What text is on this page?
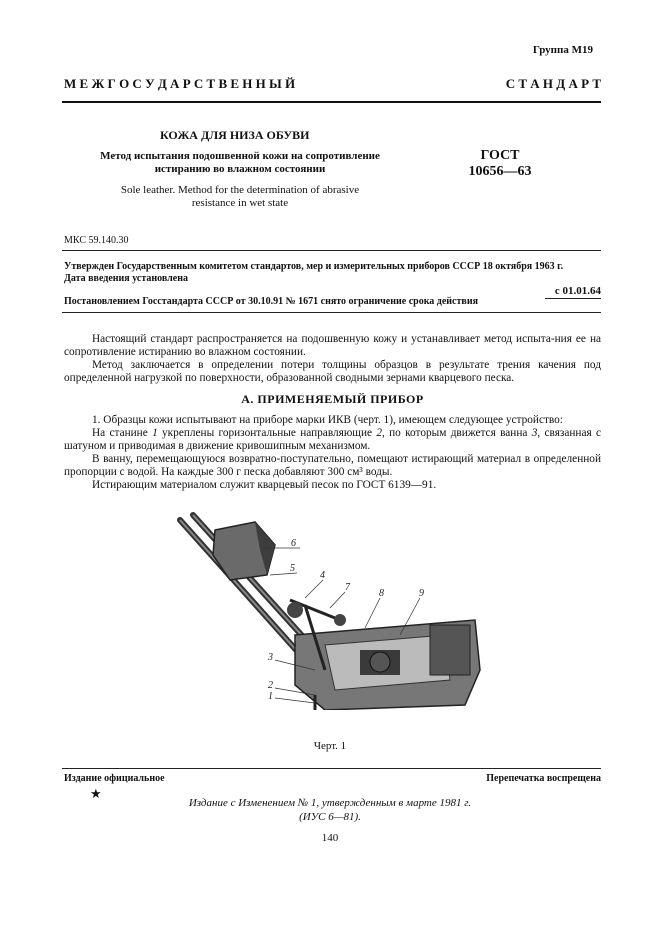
Группа М19
М Е Ж Г О С У Д А Р С Т В Е Н Н Ы Й	С Т А Н Д А Р Т
КОЖА ДЛЯ НИЗА ОБУВИ
Метод испытания подошвенной кожи на сопротивление
истиранию во влажном состоянии
Sole leather. Method for the determination of abrasive
resistance in wet state
ГОСТ
10656—63
МКС 59.140.30
Утвержден Государственным комитетом стандартов, мер и измерительных приборов СССР 18 октября 1963 г.
Дата введения установлена
с 01.01.64
Постановлением Госстандарта СССР от 30.10.91 № 1671 снято ограничение срока действия
Настоящий стандарт распространяется на подошвенную кожу и устанавливает метод испыта-ния ее на сопротивление истиранию во влажном состоянии.
Метод заключается в определении потери толщины образцов в результате трения качения под определенной нагрузкой по поверхности, образованной сводными зернами кварцевого песка.
А. ПРИМЕНЯЕМЫЙ ПРИБОР
1. Образцы кожи испытывают на приборе марки ИКВ (черт. 1), имеющем следующее устройство:
На станине 1 укреплены горизонтальные направляющие 2, по которым движется ванна 3, связанная с шатуном и приводимая в движение кривошипным механизмом.
В ванну, перемещающуюся возвратно-поступательно, помещают истирающий материал в определенной пропорции с водой. На каждые 300 г песка добавляют 300 см³ воды.
Истирающим материалом служит кварцевый песок по ГОСТ 6139—91.
6
5
4
7
8	9
3
2
1
Черт. 1
Издание официальное	Перепечатка воспрещена
★
Издание с Изменением № 1, утвержденным в марте 1981 г.
(ИУС 6—81).
140
